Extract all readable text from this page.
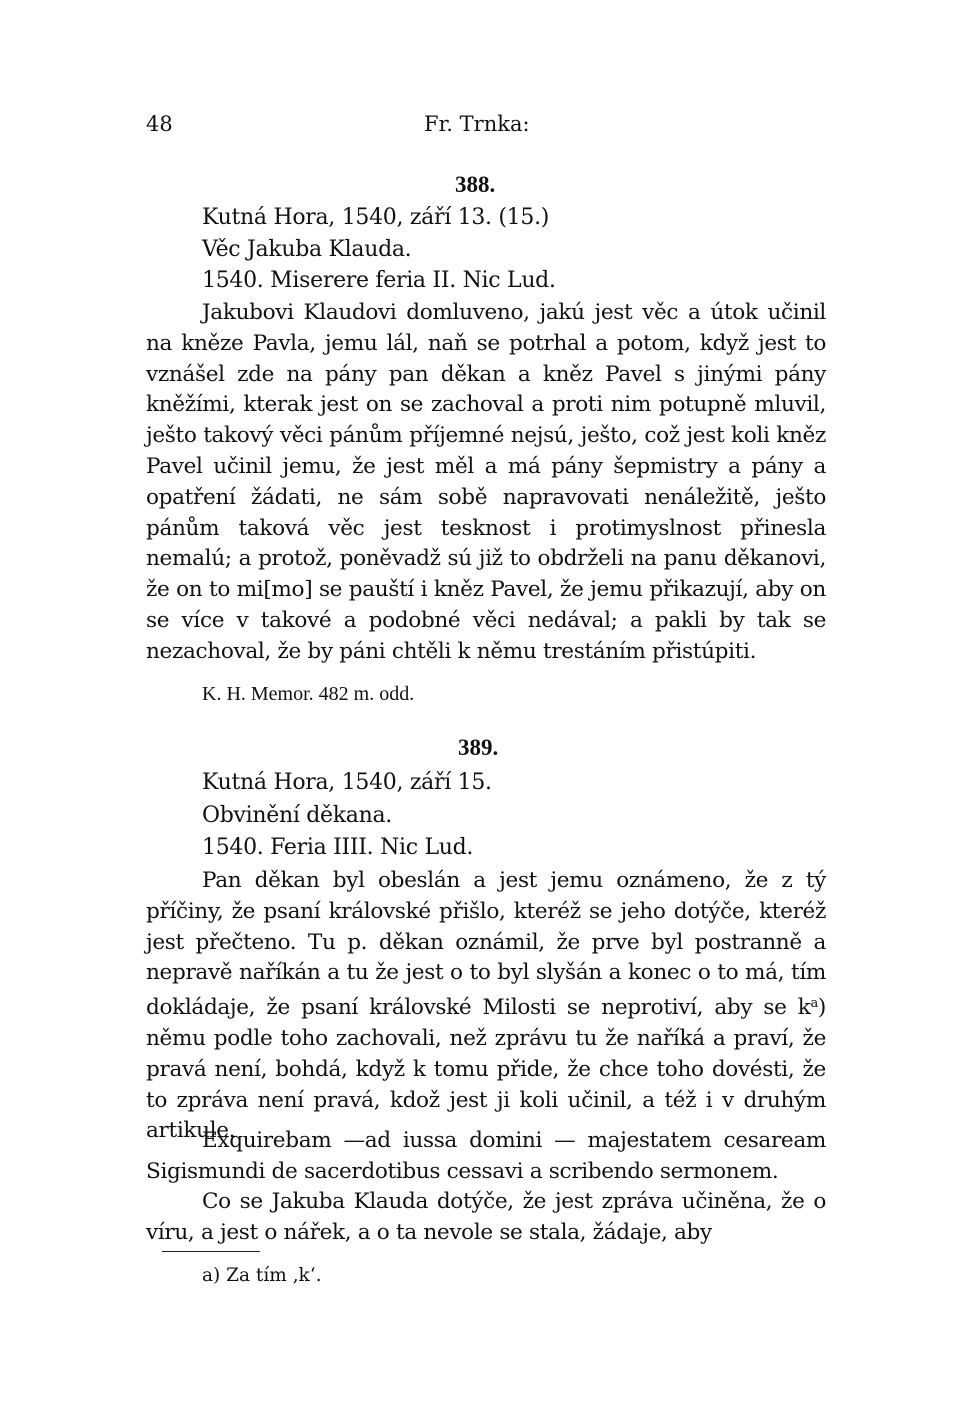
48	Fr. Trnka:
388.
Kutná Hora, 1540, září 13. (15.)
Věc Jakuba Klauda.
1540. Miserere feria II. Nic Lud.

Jakubovi Klaudovi domluveno, jakú jest věc a útok učinil na kněze Pavla, jemu lál, naň se potrhal a potom, když jest to vznášel zde na pány pan děkan a kněz Pavel s jinými pány kněžími, kterak jest on se zachoval a proti nim potupně mluvil, ješto takový věci pánům příjemné nejsú, ješto, což jest koli kněz Pavel učinil jemu, že jest měl a má pány šepmistry a pány a opatření žádati, ne sám sobě napravovati nenáležitě, ješto pánům taková věc jest tesknost i protimyslnost přinesla nemalú; a protož, poněvadž sú již to obdrželi na panu děkanovi, že on to mi[mo] se pauští i kněz Pavel, že jemu přikazují, aby on se více v takové a podobné věci nedával; a pakli by tak se nezachoval, že by páni chtěli k němu trestáním přistúpiti.

K. H. Memor. 482 m. odd.
389.
Kutná Hora, 1540, září 15.
Obvinění děkana.
1540. Feria IIII. Nic Lud.

Pan děkan byl obeslán a jest jemu oznámeno, že z tý příčiny, že psaní královské přišlo, kteréž se jeho dotýče, kteréž jest přečteno. Tu p. děkan oznámil, že prve byl postranně a nepravě naříkán a tu že jest o to byl slyšán a konec o to má, tím dokládaje, že psaní královské Milosti se neprotiví, aby se $k^a$) němu podle toho zachovali, než zprávu tu že naříká a praví, že pravá není, bohdá, když k tomu přide, že chce toho dovésti, že to zpráva není pravá, kdož jest ji koli učinil, a též i v druhým artikule.

Exquirebam —ad iussa domini — majestatem cesaream Sigismundi de sacerdotibus cessavi a scribendo sermonem.

Co se Jakuba Klauda dotýče, že jest zpráva učiněna, že o víru, a jest o nářek, a o ta nevole se stala, žádaje, aby

a) Za tím ‚k‘.
